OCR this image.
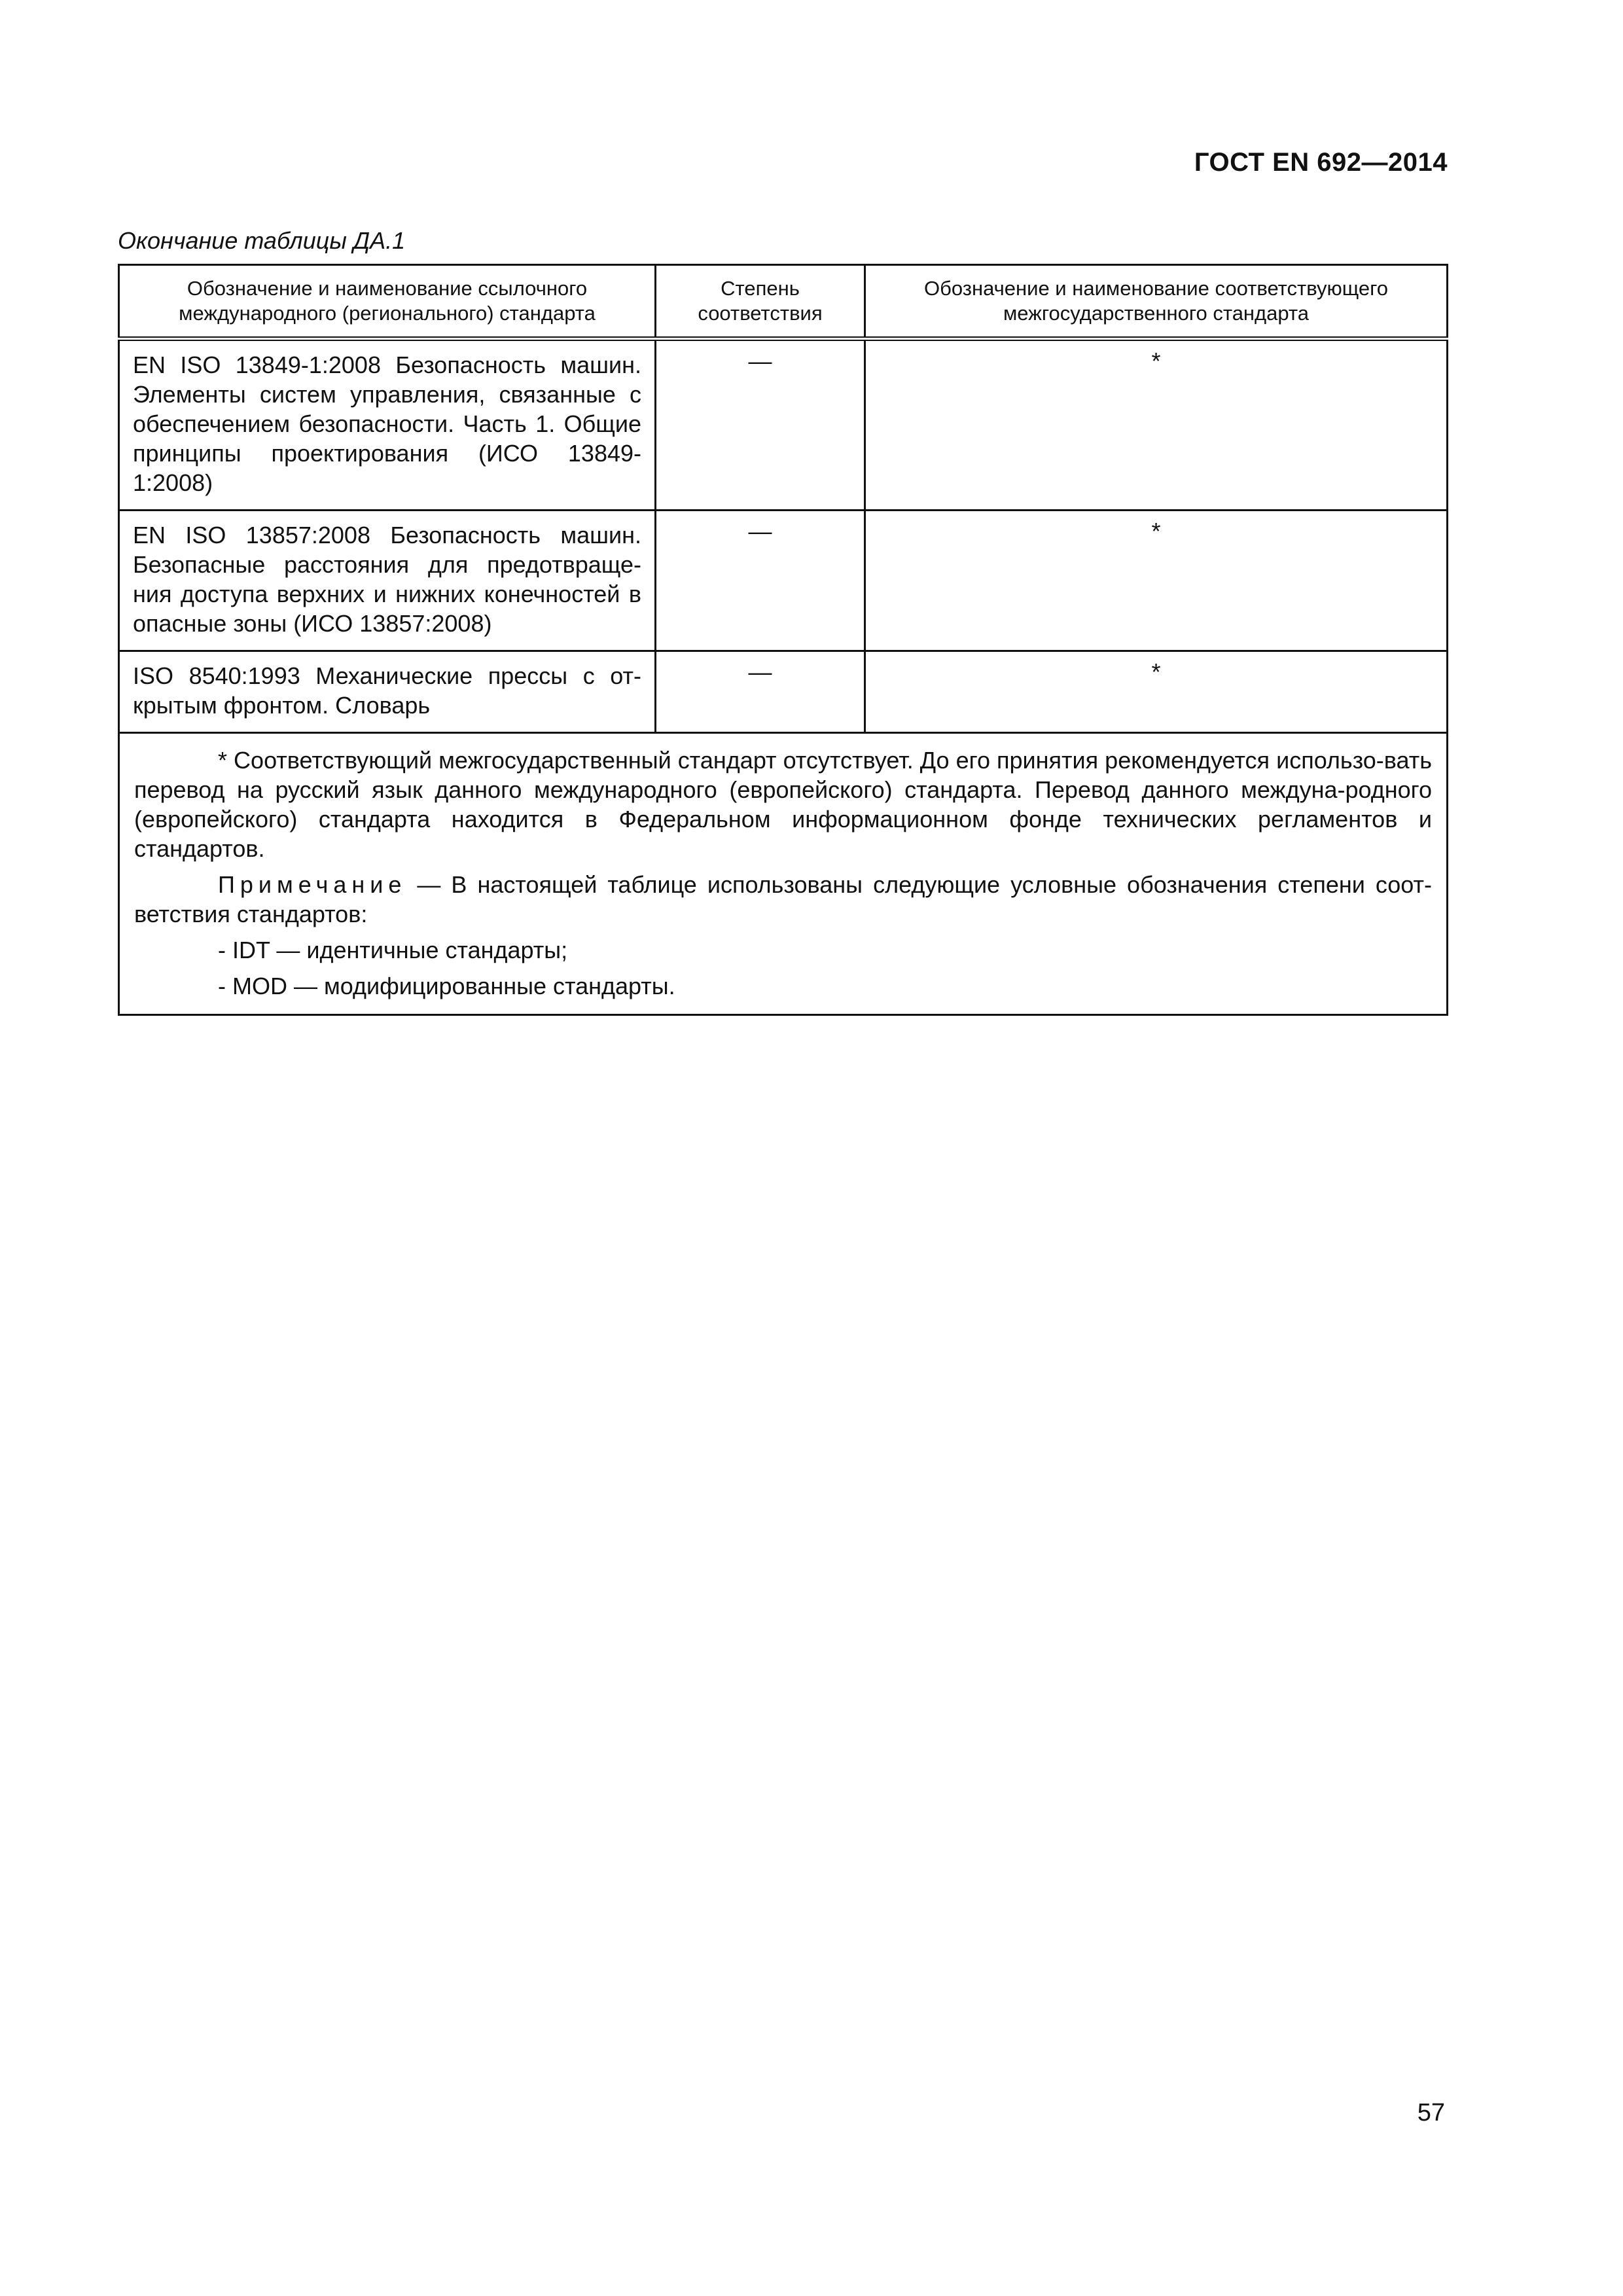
ГОСТ EN 692—2014
Окончание таблицы ДА.1
Обозначение и наименование ссылочного международного (регионального) стандарта	Степень соответствия	Обозначение и наименование соответствующего межгосударственного стандарта
EN ISO 13849-1:2008 Безопасность машин. Элементы систем управления, связанные с обеспечением безопасности. Часть 1. Общие принципы проектирования (ИСО 13849-1:2008)	—	*
EN ISO 13857:2008 Безопасность машин. Безопасные расстояния для предотвраще-ния доступа верхних и нижних конечностей в опасные зоны (ИСО 13857:2008)	—	*
ISO 8540:1993 Механические прессы с от-крытым фронтом. Словарь	—	*

* Соответствующий межгосударственный стандарт отсутствует. До его принятия рекомендуется использо-вать перевод на русский язык данного международного (европейского) стандарта. Перевод данного междуна-родного (европейского) стандарта находится в Федеральном информационном фонде технических регламентов и стандартов.

Примечание — В настоящей таблице использованы следующие условные обозначения степени соот-ветствия стандартов:

- IDT — идентичные стандарты;
- MOD — модифицированные стандарты.		
57
